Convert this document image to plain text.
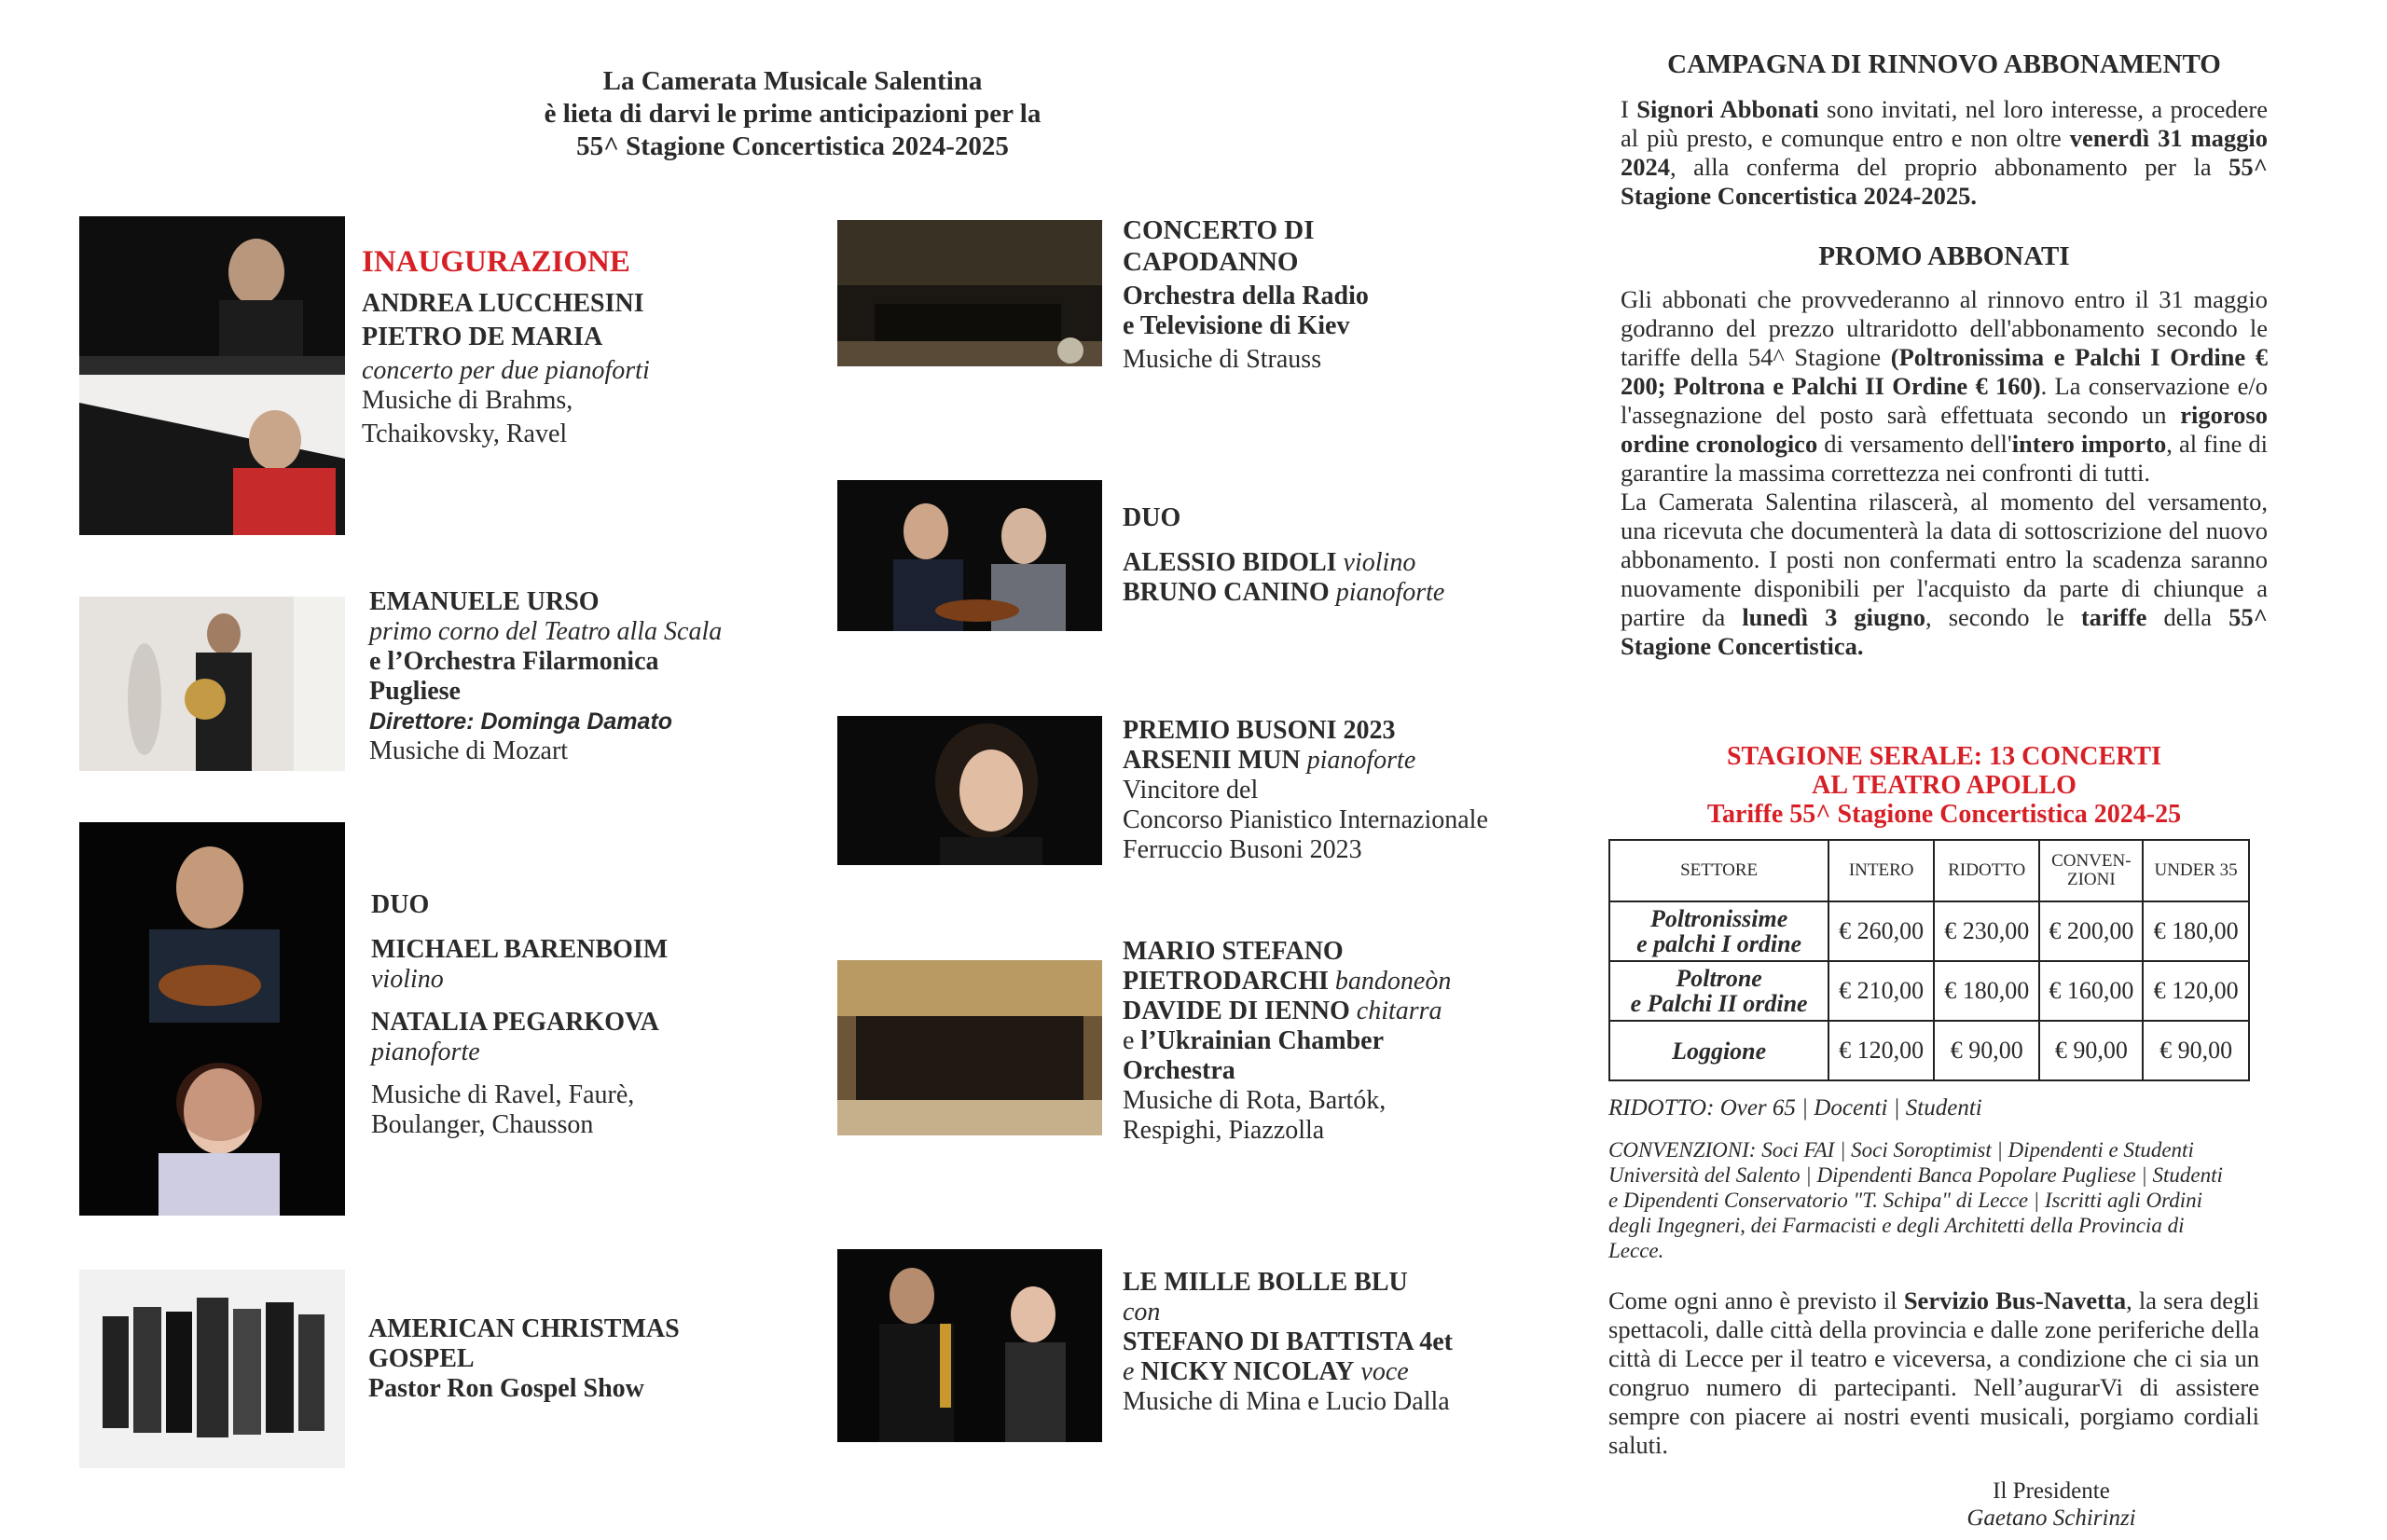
La Camerata Musicale Salentina
è lieta di darvi le prime anticipazioni per la
55^ Stagione Concertistica 2024-2025
INAUGURAZIONE
ANDREA LUCCHESINI
PIETRO DE MARIA
concerto per due pianoforti
Musiche di Brahms,
Tchaikovsky, Ravel
EMANUELE URSO
primo corno del Teatro alla Scala
e l’Orchestra Filarmonica
Pugliese
Direttore: Dominga Damato
Musiche di Mozart
DUO
MICHAEL BARENBOIM
violino
NATALIA PEGARKOVA
pianoforte
Musiche di Ravel, Faurè,
Boulanger, Chausson
AMERICAN CHRISTMAS
GOSPEL
Pastor Ron Gospel Show
CONCERTO DI
CAPODANNO
Orchestra della Radio
e Televisione di Kiev
Musiche di Strauss
DUO
ALESSIO BIDOLI violino
BRUNO CANINO pianoforte
PREMIO BUSONI 2023
ARSENII MUN pianoforte
Vincitore del
Concorso Pianistico Internazionale
Ferruccio Busoni 2023
MARIO STEFANO
PIETRODARCHI bandoneòn
DAVIDE DI IENNO chitarra
e l’Ukrainian Chamber
Orchestra
Musiche di Rota, Bartók,
Respighi, Piazzolla
LE MILLE BOLLE BLU
con
STEFANO DI BATTISTA 4et
e NICKY NICOLAY voce
Musiche di Mina e Lucio Dalla
CAMPAGNA DI RINNOVO ABBONAMENTO
I Signori Abbonati sono invitati, nel loro interesse, a procedere al più presto, e comunque entro e non oltre venerdì 31 maggio 2024, alla conferma del proprio abbonamento per la 55^ Stagione Concertistica 2024-2025.
PROMO ABBONATI
Gli abbonati che provvederanno al rinnovo entro il 31 maggio godranno del prezzo ultraridotto dell'abbonamento secondo le tariffe della 54^ Stagione (Poltronissima e Palchi I Ordine € 200; Poltrona e Palchi II Ordine € 160). La conservazione e/o l'assegnazione del posto sarà effettuata secondo un rigoroso ordine cronologico di versamento dell'intero importo, al fine di garantire la massima correttezza nei confronti di tutti.
La Camerata Salentina rilascerà, al momento del versamento, una ricevuta che documenterà la data di sottoscrizione del nuovo abbonamento. I posti non confermati entro la scadenza saranno nuovamente disponibili per l'acquisto da parte di chiunque a partire da lunedì 3 giugno, secondo le tariffe della 55^ Stagione Concertistica.
STAGIONE SERALE: 13 CONCERTI
AL TEATRO APOLLO
Tariffe 55^ Stagione Concertistica 2024-25
SETTORE	INTERO	RIDOTTO	CONVEN-
ZIONI	UNDER 35
Poltronissime
e palchi I ordine	€ 260,00	€ 230,00	€ 200,00	€ 180,00
Poltrone
e Palchi II ordine	€ 210,00	€ 180,00	€ 160,00	€ 120,00
Loggione	€ 120,00	€ 90,00	€ 90,00	€ 90,00
RIDOTTO: Over 65 | Docenti | Studenti
CONVENZIONI: Soci FAI | Soci Soroptimist | Dipendenti e Studenti Università del Salento | Dipendenti Banca Popolare Pugliese | Studenti e Dipendenti Conservatorio "T. Schipa" di Lecce | Iscritti agli Ordini degli Ingegneri, dei Farmacisti e degli Architetti della Provincia di Lecce.
Come ogni anno è previsto il Servizio Bus-Navetta, la sera degli spettacoli, dalle città della provincia e dalle zone periferiche della città di Lecce per il teatro e viceversa, a condizione che ci sia un congruo numero di partecipanti. Nell’augurarVi di assistere sempre con piacere ai nostri eventi musicali, porgiamo cordiali saluti.
Il Presidente
Gaetano Schirinzi
